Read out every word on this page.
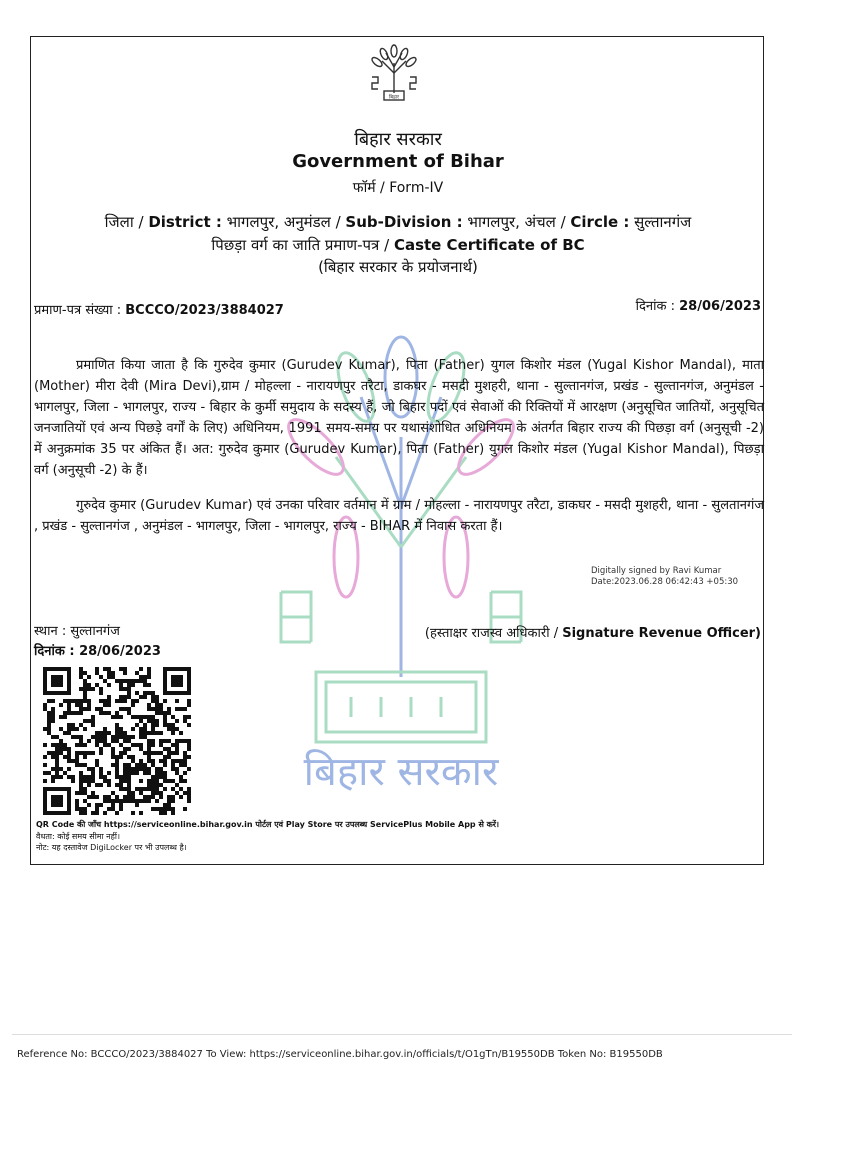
बिहार
बिहार सरकार
बिहार सरकार
Government of Bihar
फॉर्म / Form-IV
जिला / District : भागलपुर, अनुमंडल / Sub-Division : भागलपुर, अंचल / Circle : सुल्तानगंज
पिछड़ा वर्ग का जाति प्रमाण-पत्र / Caste Certificate of BC
(बिहार सरकार के प्रयोजनार्थ)
प्रमाण-पत्र संख्या : BCCCO/2023/3884027	दिनांक : 28/06/2023

प्रमाणित किया जाता है कि गुरुदेव कुमार (Gurudev Kumar), पिता (Father) युगल किशोर मंडल (Yugal Kishor Mandal), माता (Mother) मीरा देवी (Mira Devi),ग्राम / मोहल्ला - नारायणपुर तरैटा, डाकघर - मसदी मुशहरी, थाना - सुल्तानगंज, प्रखंड - सुल्तानगंज, अनुमंडल - भागलपुर, जिला - भागलपुर, राज्य - बिहार के कुर्मी समुदाय के सदस्य हैं, जो बिहार पदों एवं सेवाओं की रिक्तियों में आरक्षण (अनुसूचित जातियों, अनुसूचित जनजातियों एवं अन्य पिछड़े वर्गों के लिए) अधिनियम, 1991 समय-समय पर यथासंशोधित अधिनियम के अंतर्गत बिहार राज्य की पिछड़ा वर्ग (अनुसूची -2) में अनुक्रमांक 35 पर अंकित हैं। अत: गुरुदेव कुमार (Gurudev Kumar), पिता (Father) युगल किशोर मंडल (Yugal Kishor Mandal), पिछड़ा वर्ग (अनुसूची -2) के हैं।

गुरुदेव कुमार (Gurudev Kumar) एवं उनका परिवार वर्तमान में ग्राम / मोहल्ला - नारायणपुर तरैटा, डाकघर - मसदी मुशहरी, थाना - सुलतानगंज , प्रखंड - सुल्तानगंज , अनुमंडल - भागलपुर, जिला - भागलपुर, राज्य - BIHAR में निवास करता हैं।

Digitally signed by Ravi Kumar
Date:2023.06.28 06:42:43 +05:30
स्थान : सुल्तानगंज
दिनांक : 28/06/2023
(हस्ताक्षर राजस्व अधिकारी / Signature Revenue Officer)
QR Code की जाँच https://serviceonline.bihar.gov.in पोर्टल एवं Play Store पर उपलब्ध ServicePlus Mobile App से करें।
वैधता: कोई समय सीमा नहीं।
नोट: यह दस्तावेज DigiLocker पर भी उपलब्ध है।
Reference No: BCCCO/2023/3884027 To View: https://serviceonline.bihar.gov.in/officials/t/O1gTn/B19550DB Token No: B19550DB
